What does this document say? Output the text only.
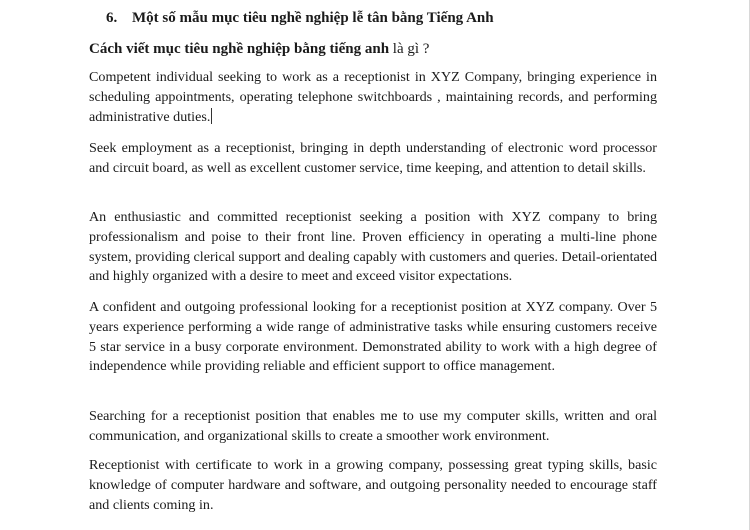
6. Một số mẫu mục tiêu nghề nghiệp lễ tân bằng Tiếng Anh
Cách viết mục tiêu nghề nghiệp bằng tiếng anh là gì ?

Competent individual seeking to work as a receptionist in XYZ Company, bringing experience in scheduling appointments, operating telephone switchboards , maintaining records, and performing administrative duties.

Seek employment as a receptionist, bringing in depth understanding of electronic word processor and circuit board, as well as excellent customer service, time keeping, and attention to detail skills.

An enthusiastic and committed receptionist seeking a position with XYZ company to bring professionalism and poise to their front line. Proven efficiency in operating a multi-line phone system, providing clerical support and dealing capably with customers and queries. Detail-orientated and highly organized with a desire to meet and exceed visitor expectations.

A confident and outgoing professional looking for a receptionist position at XYZ company. Over 5 years experience performing a wide range of administrative tasks while ensuring customers receive 5 star service in a busy corporate environment. Demonstrated ability to work with a high degree of independence while providing reliable and efficient support to office management.

Searching for a receptionist position that enables me to use my computer skills, written and oral communication, and organizational skills to create a smoother work environment.

Receptionist with certificate to work in a growing company, possessing great typing skills, basic knowledge of computer hardware and software, and outgoing personality needed to encourage staff and clients coming in.
